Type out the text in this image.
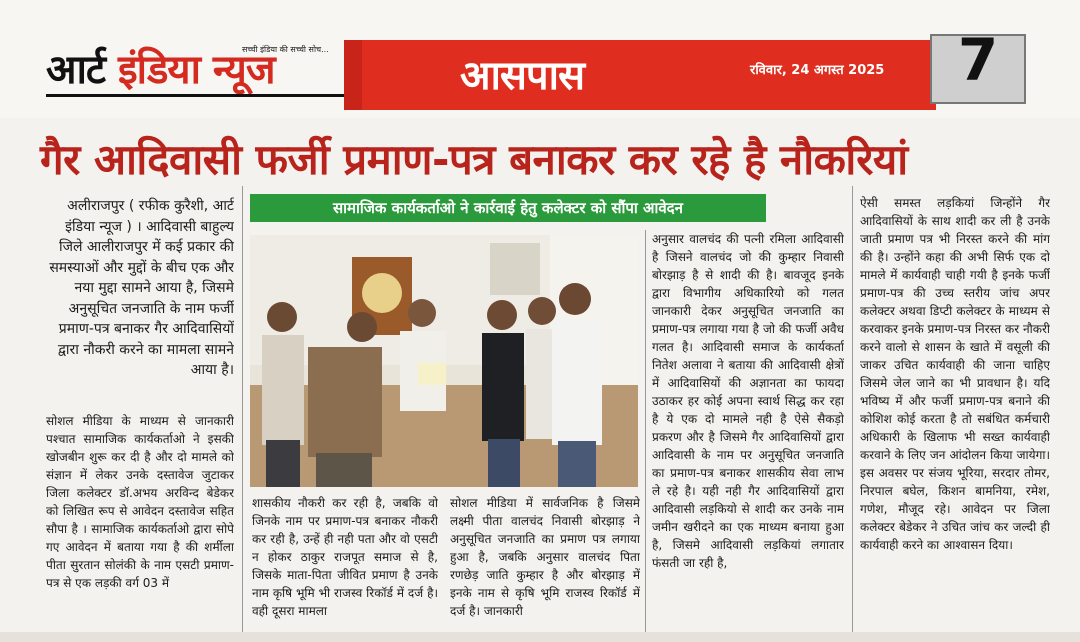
आर्ट इंडिया न्यूज
सच्ची इंडिया की सच्ची सोच...
आसपास	रविवार, 24 अगस्त 2025	7
गैर आदिवासी फर्जी प्रमाण-पत्र बनाकर कर रहे है नौकरियां
सामाजिक कार्यकर्ताओ ने कार्रवाई हेतु कलेक्टर को सौंपा आवेदन

अलीराजपुर ( रफीक कुरैशी, आर्ट इंडिया न्यूज ) । आदिवासी बाहुल्य जिले आलीराजपुर में कई प्रकार की समस्याओं और मुद्दों के बीच एक और नया मुद्दा सामने आया है, जिसमे अनुसूचित जनजाति के नाम फर्जी प्रमाण-पत्र बनाकर गैर आदिवासियों द्वारा नौकरी करने का मामला सामने आया है।

सोशल मीडिया के माध्यम से जानकारी पश्चात सामाजिक कार्यकर्ताओ ने इसकी खोजबीन शुरू कर दी है और दो मामले को संज्ञान में लेकर उनके दस्तावेज जुटाकर जिला कलेक्टर डॉ.अभय अरविन्द बेडेकर को लिखित रूप से आवेदन दस्तावेज सहित सौपा है । सामाजिक कार्यकर्ताओ द्वारा सोपे गए आवेदन में बताया गया है की शर्मीला पीता सुरतान सोलंकी के नाम एसटी प्रमाण-पत्र से एक लड़की वर्ग 03 में

शासकीय नौकरी कर रही है, जबकि वो जिनके नाम पर प्रमाण-पत्र बनाकर नौकरी कर रही है, उन्हें ही नही पता और वो एसटी न होकर ठाकुर राजपूत समाज से है, जिसके माता-पिता जीवित प्रमाण है उनके नाम कृषि भूमि भी राजस्व रिकॉर्ड में दर्ज है। वही दूसरा मामला

सोशल मीडिया में सार्वजनिक है जिसमे लक्ष्मी पीता वालचंद निवासी बोरझाड़ ने अनुसूचित जनजाति का प्रमाण पत्र लगाया हुआ है, जबकि अनुसार वालचंद पिता रणछेड़ जाति कुम्हार है और बोरझाड़ में इनके नाम से कृषि भूमि राजस्व रिकॉर्ड में दर्ज है। जानकारी

अनुसार वालचंद की पत्नी रमिला आदिवासी है जिसने वालचंद जो की कुम्हार निवासी बोरझाड़ है से शादी की है। बावजूद इनके द्वारा विभागीय अधिकारियो को गलत जानकारी देकर अनुसूचित जनजाति का प्रमाण-पत्र लगाया गया है जो की फर्जी अवैध गलत है। आदिवासी समाज के कार्यकर्ता नितेश अलावा ने बताया की आदिवासी क्षेत्रों में आदिवासियों की अज्ञानता का फायदा उठाकर हर कोई अपना स्वार्थ सिद्ध कर रहा है ये एक दो मामले नही है ऐसे सैकड़ो प्रकरण और है जिसमे गैर आदिवासियों द्वारा आदिवासी के नाम पर अनुसूचित जनजाति का प्रमाण-पत्र बनाकर शासकीय सेवा लाभ ले रहे है। यही नही गैर आदिवासियों द्वारा आदिवासी लड़कियो से शादी कर उनके नाम जमीन खरीदने का एक माध्यम बनाया हुआ है, जिसमे आदिवासी लड़कियां लगातार फंसती जा रही है,

ऐसी समस्त लड़कियां जिन्होंने गैर आदिवासियों के साथ शादी कर ली है उनके जाती प्रमाण पत्र भी निरस्त करने की मांग की है। उन्होंने कहा की अभी सिर्फ एक दो मामले में कार्यवाही चाही गयी है इनके फर्जी प्रमाण-पत्र की उच्च स्तरीय जांच अपर कलेक्टर अथवा डिप्टी कलेक्टर के माध्यम से करवाकर इनके प्रमाण-पत्र निरस्त कर नौकरी करने वालो से शासन के खाते में वसूली की जाकर उचित कार्यवाही की जाना चाहिए जिसमे जेल जाने का भी प्रावधान है। यदि भविष्य में और फर्जी प्रमाण-पत्र बनाने की कोशिश कोई करता है तो सबंधित कर्मचारी अधिकारी के खिलाफ भी सख्त कार्यवाही करवाने के लिए जन आंदोलन किया जायेगा। इस अवसर पर संजय भूरिया, सरदार तोमर, निरपाल बघेल, किशन बामनिया, रमेश, गणेश, मौजूद रहे। आवेदन पर जिला कलेक्टर बेडेकर ने उचित जांच कर जल्दी ही कार्यवाही करने का आश्वासन दिया।
